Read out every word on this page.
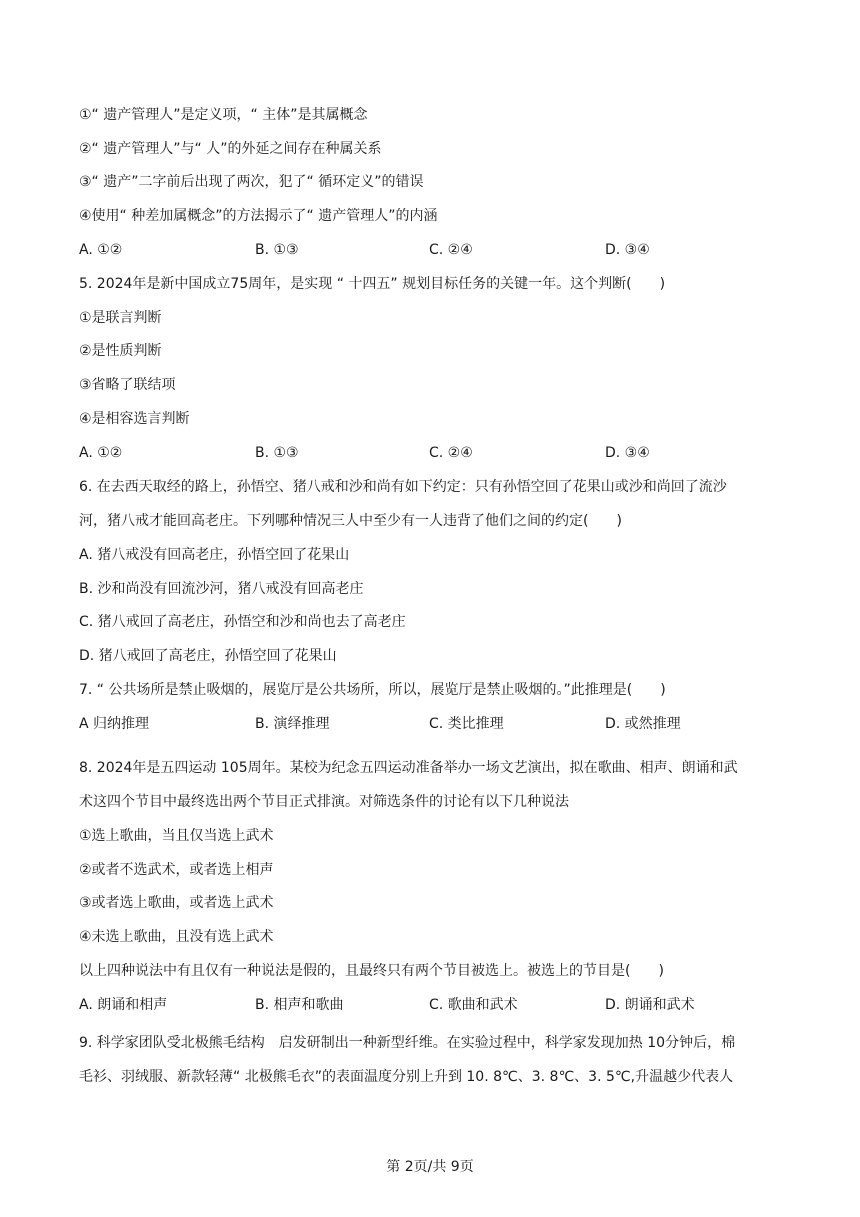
①“ 遗产管理人”是定义项，“ 主体”是其属概念
②“ 遗产管理人”与“ 人”的外延之间存在种属关系
③“ 遗产”二字前后出现了两次，犯了“ 循环定义”的错误
④使用“ 种差加属概念”的方法揭示了“ 遗产管理人”的内涵
A. ①②	B. ①③	C. ②④	D. ③④
5. 2024年是新中国成立75周年，是实现 “ 十四五” 规划目标任务的关键一年。这个判断(　　)
①是联言判断
②是性质判断
③省略了联结项
④是相容选言判断
A. ①②	B. ①③	C. ②④	D. ③④
6. 在去西天取经的路上，孙悟空、猪八戒和沙和尚有如下约定：只有孙悟空回了花果山或沙和尚回了流沙
河，猪八戒才能回高老庄。下列哪种情况三人中至少有一人违背了他们之间的约定(　　)
A. 猪八戒没有回高老庄，孙悟空回了花果山
B. 沙和尚没有回流沙河，猪八戒没有回高老庄
C. 猪八戒回了高老庄，孙悟空和沙和尚也去了高老庄
D. 猪八戒回了高老庄，孙悟空回了花果山
7. “ 公共场所是禁止吸烟的，展览厅是公共场所，所以，展览厅是禁止吸烟的。”此推理是(　　)
A 归纳推理	B. 演绎推理	C. 类比推理	D. 或然推理
8. 2024年是五四运动 105周年。某校为纪念五四运动准备举办一场文艺演出，拟在歌曲、相声、朗诵和武
术这四个节目中最终选出两个节目正式排演。对筛选条件的讨论有以下几种说法
①选上歌曲，当且仅当选上武术
②或者不选武术，或者选上相声
③或者选上歌曲，或者选上武术
④未选上歌曲，且没有选上武术
以上四种说法中有且仅有一种说法是假的，且最终只有两个节目被选上。被选上的节目是(　　)
A. 朗诵和相声	B. 相声和歌曲	C. 歌曲和武术	D. 朗诵和武术
9. 科学家团队受北极熊毛结构　启发研制出一种新型纤维。在实验过程中，科学家发现加热 10分钟后，棉
毛衫、羽绒服、新款轻薄“ 北极熊毛衣”的表面温度分别上升到 10. 8℃、3. 8℃、3. 5℃,升温越少代表人
第 2页/共 9页
